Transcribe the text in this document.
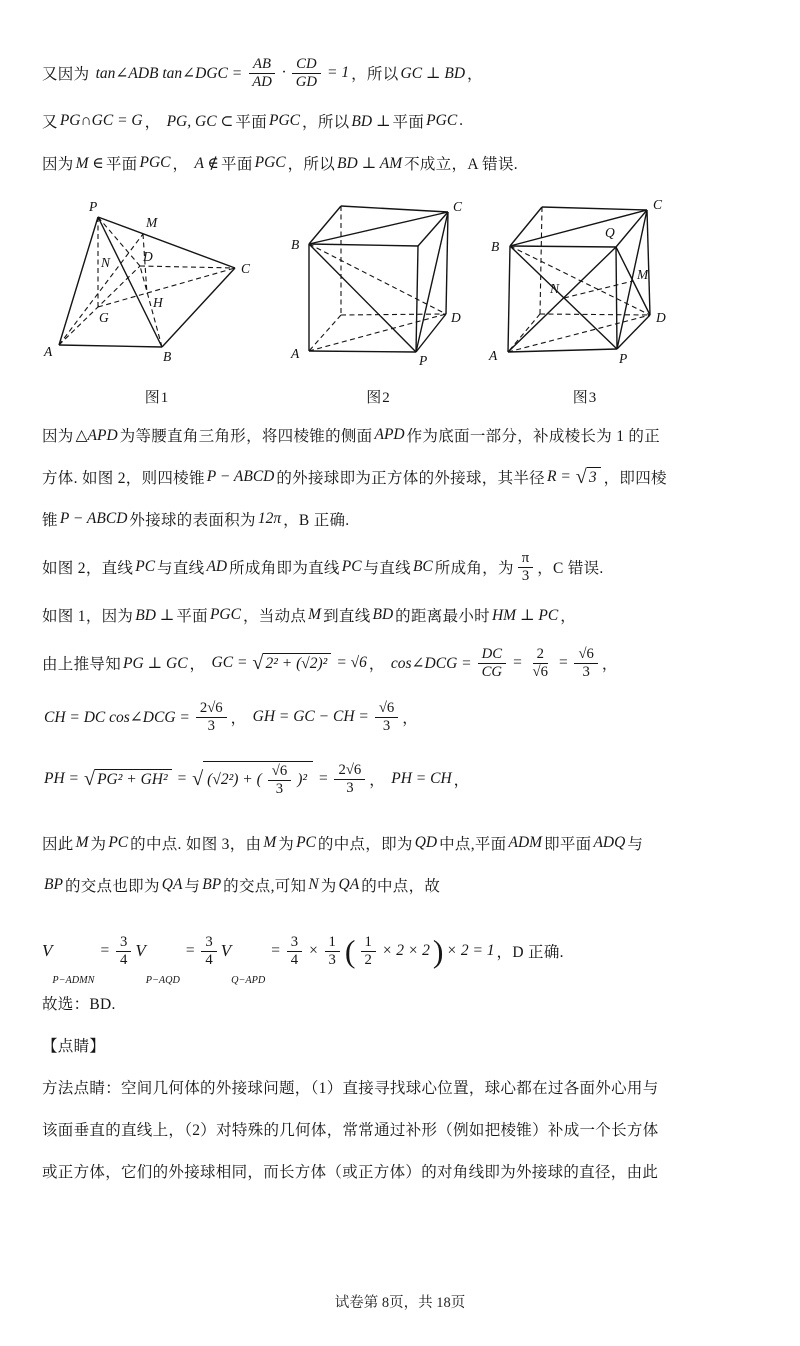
又因为 tan∠ADB tan∠DGC = $\frac{AB}{AD} \cdot \frac{CD}{GD} = 1$ ，所以 GC ⊥ BD ，
又 PG∩GC = G ， PG, GC ⊂ 平面 PGC ，所以 BD ⊥ 平面 PGC .
因为 M ∈ 平面 PGC ， A ∉ 平面 PGC ，所以 BD ⊥ AM 不成立，A 错误.
P
M
N D
C
G
H
A	B
图1
B
C
A	P
D
图2
B
C
Q
N
M
A	P
D
图3
因为 △APD 为等腰直角三角形，将四棱锥的侧面 APD 作为底面一部分，补成棱长为 1 的正
方体. 如图 2，则四棱锥 P − ABCD 的外接球即为正方体的外接球，其半径 R = √ 3 ，即四棱
锥 P − ABCD 外接球的表面积为 12π ，B 正确.
如图 2，直线 PC 与直线 AD 所成角即为直线 PC 与直线 BC 所成角，为 $\frac{\pi}{3}$ ，C 错误.
如图 1，因为 BD ⊥ 平面 PGC ，当动点 M 到直线 BD 的距离最小时 HM ⊥ PC ，
由上推导知 PG ⊥ GC ， GC = √ 2² + (√2)² = √6 ， cos∠DCG = $\frac{DC}{CG} = \frac{2}{√6} = \frac{√6}{3}$ ，
CH = DC cos∠DCG = $\frac{2√6}{3}$ ， GH = GC − CH = $\frac{√6}{3}$ ，
PH = √ PG² + GH² = √ (√2²) + ( $\frac{√6}{3} )^2 = \frac{2√6}{3}$ ， PH = CH ，
因此 M 为 PC 的中点. 如图 3，由 M 为 PC 的中点，即为 QD 中点,平面 ADM 即平面 ADQ 与
BP 的交点也即为 QA 与 BP 的交点,可知 N 为 QA 的中点，故
V
P−ADMN
= $\frac{3}{4}$ V
P−AQD
= $\frac{3}{4}$ V
Q−APD
= $\frac{3}{4} \times \frac{1}{3}$ ( $\frac{1}{2} \times 2 \times 2$ ) × 2 = 1 ，D 正确.
故选：BD.
【点睛】
方法点睛：空间几何体的外接球问题，（1）直接寻找球心位置，球心都在过各面外心用与
该面垂直的直线上，（2）对特殊的几何体，常常通过补形（例如把棱锥）补成一个长方体
或正方体，它们的外接球相同，而长方体（或正方体）的对角线即为外接球的直径，由此
试卷第 8页，共 18页
